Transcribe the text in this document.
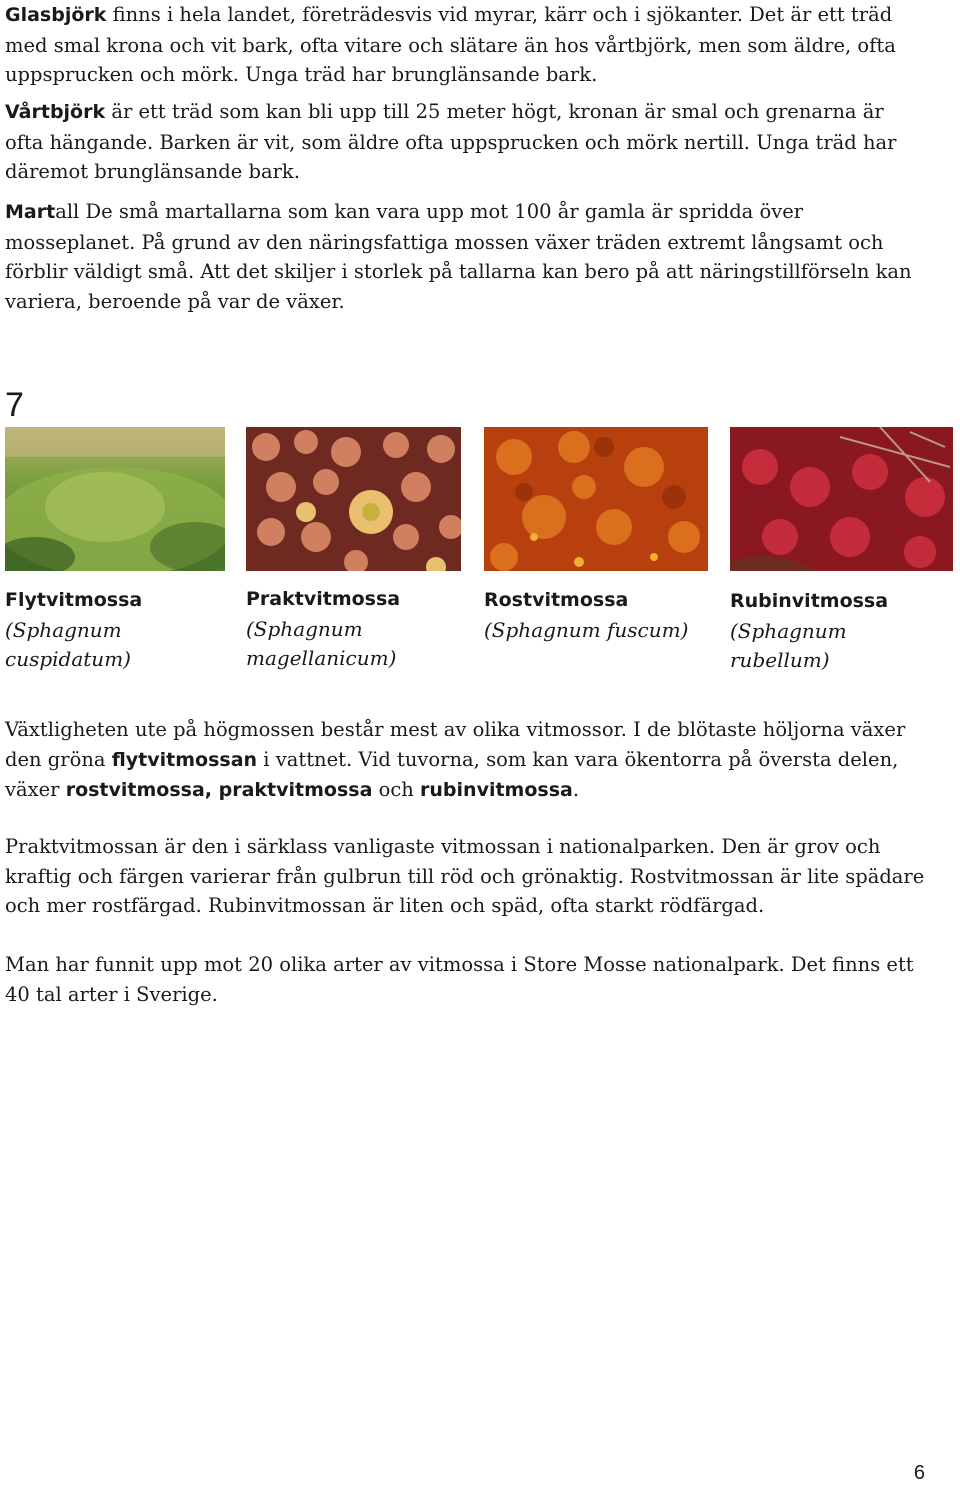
Glasbjörk finns i hela landet, företrädesvis vid myrar, kärr och i sjökanter. Det är ett träd med smal krona och vit bark, ofta vitare och slätare än hos vårtbjörk, men som äldre, ofta uppsprucken och mörk. Unga träd har brunglänsande bark.

Vårtbjörk är ett träd som kan bli upp till 25 meter högt, kronan är smal och grenarna är ofta hängande. Barken är vit, som äldre ofta uppsprucken och mörk nertill. Unga träd har däremot brunglänsande bark.

Martall De små martallarna som kan vara upp mot 100 år gamla är spridda över mosseplanet. På grund av den näringsfattiga mossen växer träden extremt långsamt och förblir väldigt små. Att det skiljer i storlek på tallarna kan bero på att näringstillförseln kan variera, beroende på var de växer.

7
Flytvitmossa
(Sphagnum cuspidatum)
Praktvitmossa
(Sphagnum magellanicum)
Rostvitmossa
(Sphagnum fuscum)
Rubinvitmossa
(Sphagnum rubellum)

Växtligheten ute på högmossen består mest av olika vitmossor. I de blötaste höljorna växer den gröna flytvitmossan i vattnet. Vid tuvorna, som kan vara ökentorra på översta delen, växer rostvitmossa, praktvitmossa och rubinvitmossa.

Praktvitmossan är den i särklass vanligaste vitmossan i nationalparken. Den är grov och kraftig och färgen varierar från gulbrun till röd och grönaktig. Rostvitmossan är lite spädare och mer rostfärgad. Rubinvitmossan är liten och späd, ofta starkt rödfärgad.

Man har funnit upp mot 20 olika arter av vitmossa i Store Mosse nationalpark. Det finns ett 40 tal arter i Sverige.

6
